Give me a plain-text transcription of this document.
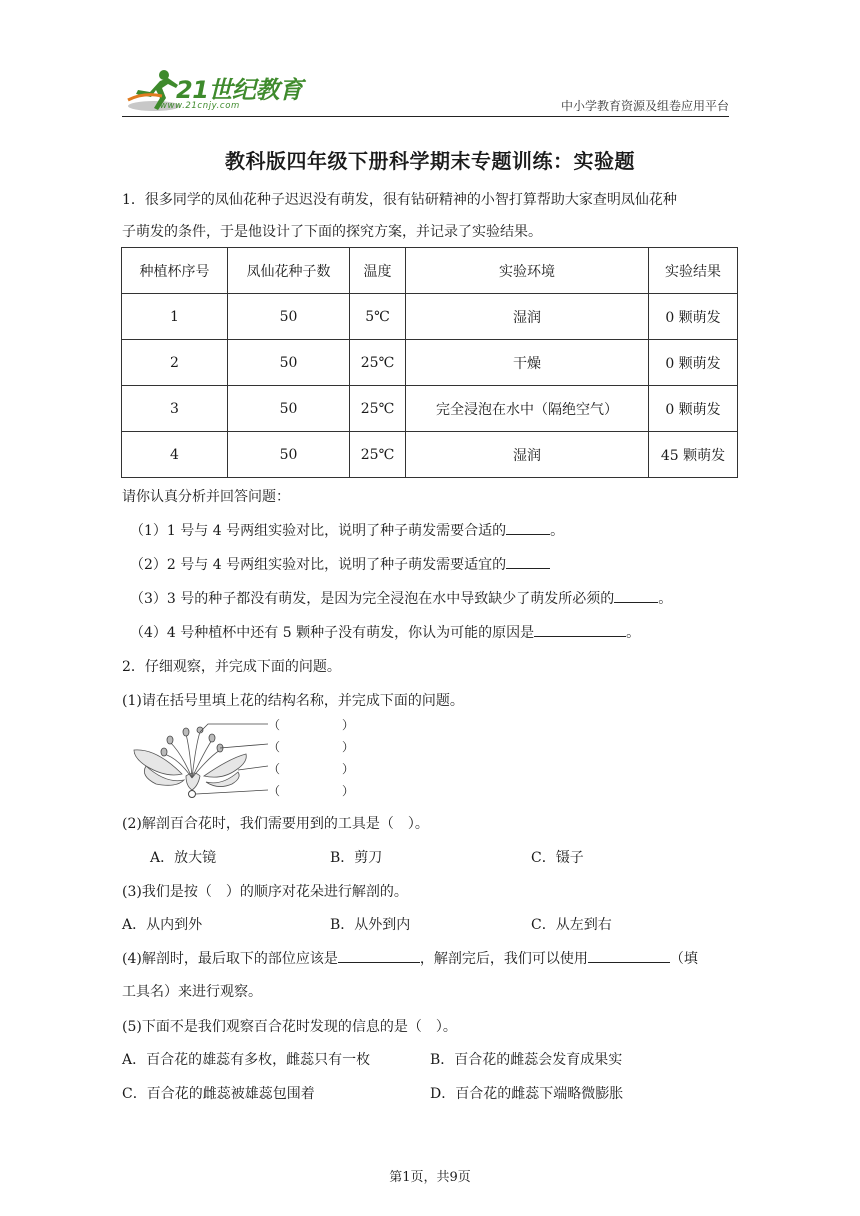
21世纪教育
www.21cnjy.com	中小学教育资源及组卷应用平台
教科版四年级下册科学期末专题训练：实验题
1．很多同学的凤仙花种子迟迟没有萌发，很有钻研精神的小智打算帮助大家查明凤仙花种
子萌发的条件，于是他设计了下面的探究方案，并记录了实验结果。
种植杯序号	凤仙花种子数	温度	实验环境	实验结果
1	50	5℃	湿润	0 颗萌发
2	50	25℃	干燥	0 颗萌发
3	50	25℃	完全浸泡在水中（隔绝空气）	0 颗萌发
4	50	25℃	湿润	45 颗萌发
请你认真分析并回答问题：
（1）1 号与 4 号两组实验对比，说明了种子萌发需要合适的	。
（2）2 号与 4 号两组实验对比，说明了种子萌发需要适宜的
（3）3 号的种子都没有萌发，是因为完全浸泡在水中导致缺少了萌发所必须的	。
（4）4 号种植杯中还有 5 颗种子没有萌发，你认为可能的原因是	。
2．仔细观察，并完成下面的问题。
(1)请在括号里填上花的结构名称，并完成下面的问题。
（	）
（	）
（	）
（	）
(2)解剖百合花时，我们需要用到的工具是（　）。
A．放大镜	B．剪刀	C．镊子
(3)我们是按（　）的顺序对花朵进行解剖的。
A．从内到外	B．从外到内	C．从左到右
(4)解剖时，最后取下的部位应该是	，解剖完后，我们可以使用	（填
工具名）来进行观察。
(5)下面不是我们观察百合花时发现的信息的是（　）。
A．百合花的雄蕊有多枚，雌蕊只有一枚	B．百合花的雌蕊会发育成果实
C．百合花的雌蕊被雄蕊包围着	D．百合花的雌蕊下端略微膨胀
第1页，共9页
